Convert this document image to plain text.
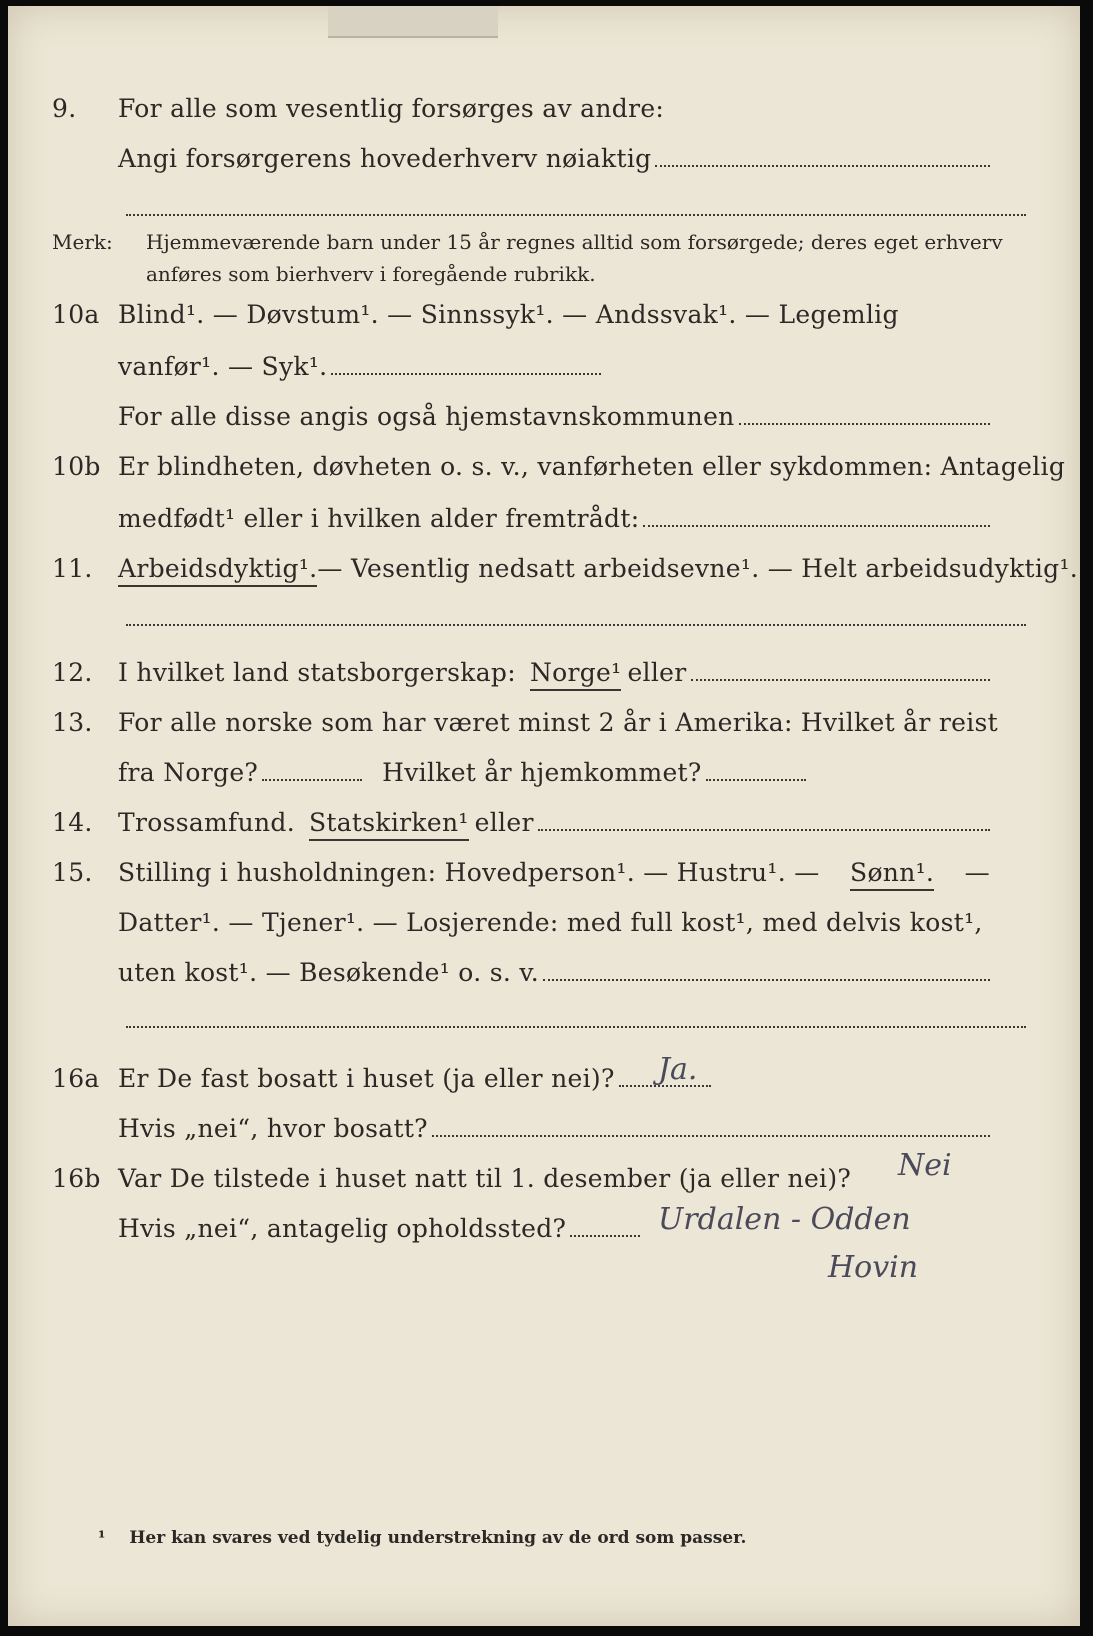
9.	For alle som vesentlig forsørges av andre:
Angi forsørgerens hovederhverv nøiaktig
Merk: Hjemmeværende barn under 15 år regnes alltid som forsørgede; deres eget erhverv
anføres som bierhverv i foregående rubrikk.
10a Blind¹. — Døvstum¹. — Sinnssyk¹. — Andssvak¹. — Legemlig
vanfør¹. — Syk¹.
For alle disse angis også hjemstavnskommunen
10b Er blindheten, døvheten o. s. v., vanførheten eller sykdommen: Antagelig
medfødt¹ eller i hvilken alder fremtrådt:
11.	Arbeidsdyktig¹. — Vesentlig nedsatt arbeidsevne¹. — Helt arbeidsudyktig¹.
12.	I hvilket land statsborgerskap: Norge¹ eller
13.	For alle norske som har været minst 2 år i Amerika: Hvilket år reist
fra Norge?	Hvilket år hjemkommet?
14.	Trossamfund. Statskirken¹ eller
15.	Stilling i husholdningen: Hovedperson¹. — Hustru¹. — Sønn¹. —
Datter¹. — Tjener¹. — Losjerende: med full kost¹, med delvis kost¹,
uten kost¹. — Besøkende¹ o. s. v.
16a Er De fast bosatt i huset (ja eller nei)? Ja.
Hvis „nei“, hvor bosatt?
16b Var De tilstede i huset natt til 1. desember (ja eller nei)? Nei
Hvis „nei“, antagelig opholdssted?	Urdalen - Odden
Hovin
¹ Her kan svares ved tydelig understrekning av de ord som passer.
